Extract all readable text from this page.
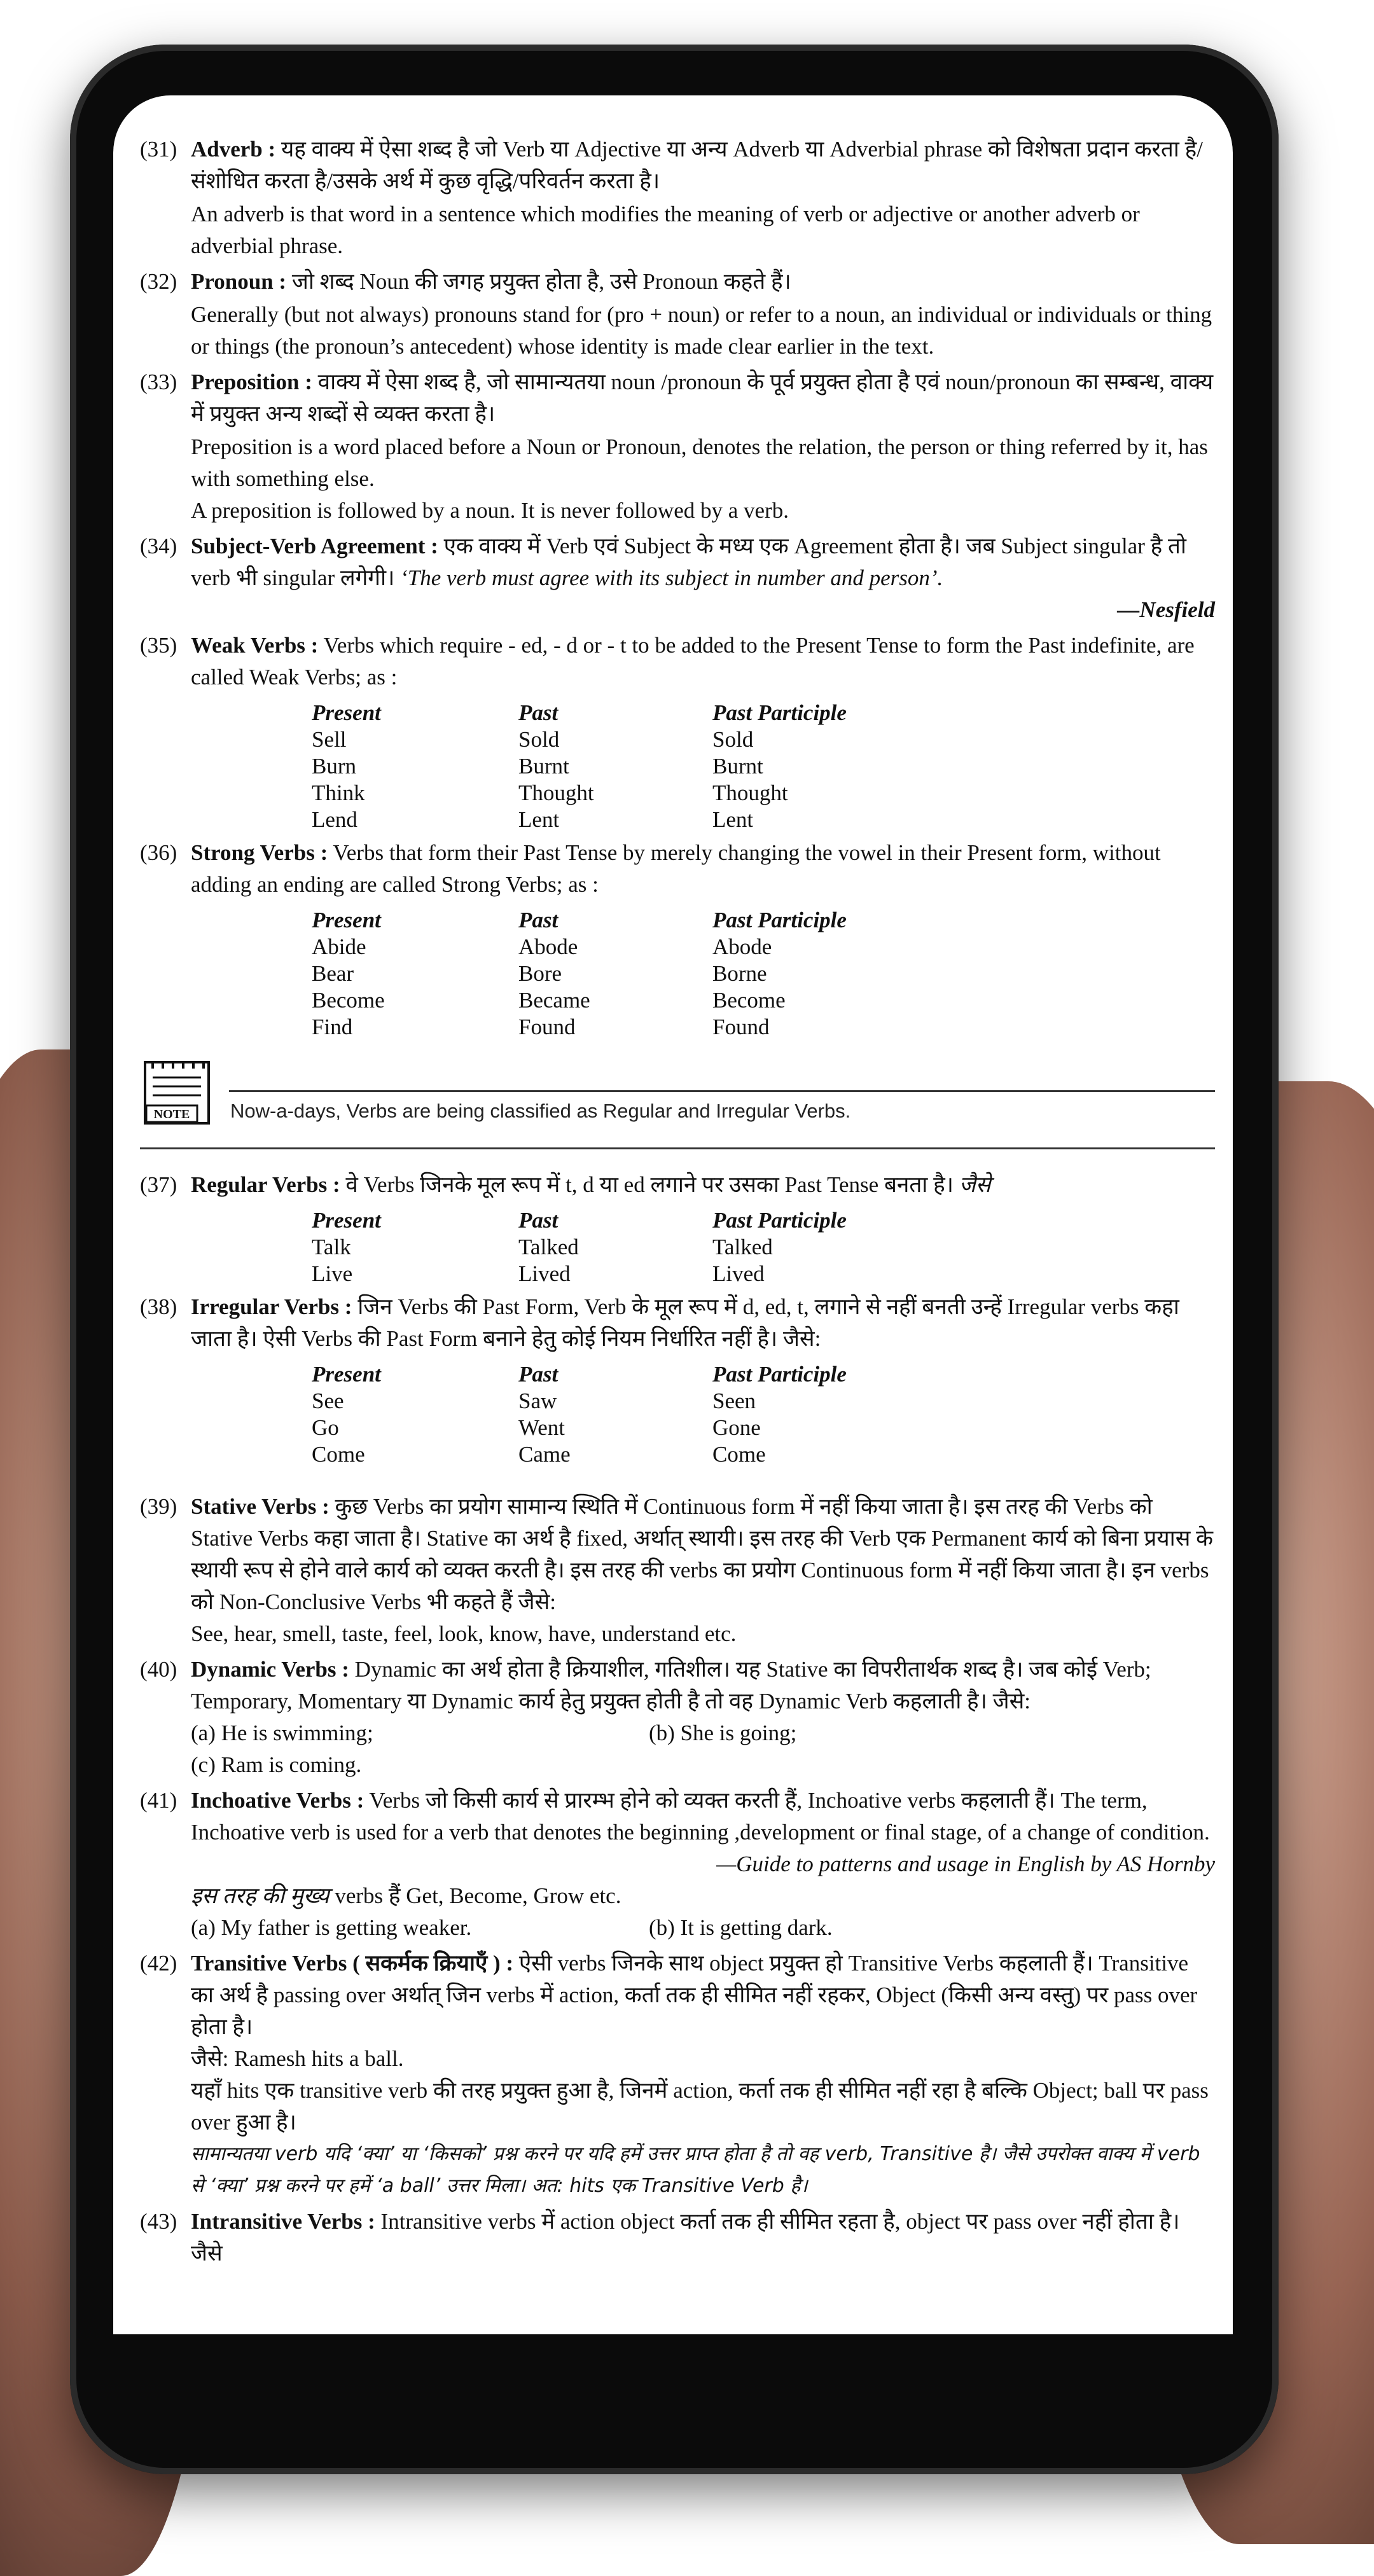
(31) Adverb : यह वाक्य में ऐसा शब्द है जो Verb या Adjective या अन्य Adverb या Adverbial phrase को विशेषता प्रदान करता है/संशोधित करता है/उसके अर्थ में कुछ वृद्धि/परिवर्तन करता है।

An adverb is that word in a sentence which modifies the meaning of verb or adjective or another adverb or adverbial phrase.

(32) Pronoun : जो शब्द Noun की जगह प्रयुक्त होता है, उसे Pronoun कहते हैं।

Generally (but not always) pronouns stand for (pro + noun) or refer to a noun, an individual or individuals or thing or things (the pronoun’s antecedent) whose identity is made clear earlier in the text.

(33) Preposition : वाक्य में ऐसा शब्द है, जो सामान्यतया noun /pronoun के पूर्व प्रयुक्त होता है एवं noun/pronoun का सम्बन्ध, वाक्य में प्रयुक्त अन्य शब्दों से व्यक्त करता है।

Preposition is a word placed before a Noun or Pronoun, denotes the relation, the person or thing referred by it, has with something else.

A preposition is followed by a noun. It is never followed by a verb.

(34) Subject-Verb Agreement : एक वाक्य में Verb एवं Subject के मध्य एक Agreement होता है। जब Subject singular है तो verb भी singular लगेगी। ‘The verb must agree with its subject in number and person’.

—Nesfield

(35) Weak Verbs : Verbs which require - ed, - d or - t to be added to the Present Tense to form the Past indefinite, are called Weak Verbs; as :

Present	Past	Past Participle
Sell	Sold	Sold
Burn	Burnt	Burnt
Think	Thought	Thought
Lend	Lent	Lent
(36) Strong Verbs : Verbs that form their Past Tense by merely changing the vowel in their Present form, without adding an ending are called Strong Verbs; as :

Present	Past	Past Participle
Abide	Abode	Abode
Bear	Bore	Borne
Become	Became	Become
Find	Found	Found
NOTE Now-a-days, Verbs are being classified as Regular and Irregular Verbs.
(37) Regular Verbs : वे Verbs जिनके मूल रूप में t, d या ed लगाने पर उसका Past Tense बनता है। जैसे

Present	Past	Past Participle
Talk	Talked	Talked
Live	Lived	Lived
(38) Irregular Verbs : जिन Verbs की Past Form, Verb के मूल रूप में d, ed, t, लगाने से नहीं बनती उन्हें Irregular verbs कहा जाता है। ऐसी Verbs की Past Form बनाने हेतु कोई नियम निर्धारित नहीं है। जैसे:

Present	Past	Past Participle
See	Saw	Seen
Go	Went	Gone
Come	Came	Come
(39) Stative Verbs : कुछ Verbs का प्रयोग सामान्य स्थिति में Continuous form में नहीं किया जाता है। इस तरह की Verbs को Stative Verbs कहा जाता है। Stative का अर्थ है fixed, अर्थात् स्थायी। इस तरह की Verb एक Permanent कार्य को बिना प्रयास के स्थायी रूप से होने वाले कार्य को व्यक्त करती है। इस तरह की verbs का प्रयोग Continuous form में नहीं किया जाता है। इन verbs को Non-Conclusive Verbs भी कहते हैं जैसे:

See, hear, smell, taste, feel, look, know, have, understand etc.

(40) Dynamic Verbs : Dynamic का अर्थ होता है क्रियाशील, गतिशील। यह Stative का विपरीतार्थक शब्द है। जब कोई Verb; Temporary, Momentary या Dynamic कार्य हेतु प्रयुक्त होती है तो वह Dynamic Verb कहलाती है। जैसे:

(a) He is swimming;	(b) She is going;

(c) Ram is coming.

(41) Inchoative Verbs : Verbs जो किसी कार्य से प्रारम्भ होने को व्यक्त करती हैं, Inchoative verbs कहलाती हैं। The term, Inchoative verb is used for a verb that denotes the beginning ,development or final stage, of a change of condition.

—Guide to patterns and usage in English by AS Hornby

इस तरह की मुख्य verbs हैं Get, Become, Grow etc.

(a) My father is getting weaker.	(b) It is getting dark.
(42) Transitive Verbs ( सकर्मक क्रियाएँ ) : ऐसी verbs जिनके साथ object प्रयुक्त हो Transitive Verbs कहलाती हैं। Transitive का अर्थ है passing over अर्थात् जिन verbs में action, कर्ता तक ही सीमित नहीं रहकर, Object (किसी अन्य वस्तु) पर pass over होता है।

जैसे: Ramesh hits a ball.

यहाँ hits एक transitive verb की तरह प्रयुक्त हुआ है, जिनमें action, कर्ता तक ही सीमित नहीं रहा है बल्कि Object; ball पर pass over हुआ है।

सामान्यतया verb यदि ‘क्या’ या ‘किसको’ प्रश्न करने पर यदि हमें उत्तर प्राप्त होता है तो वह verb, Transitive है। जैसे उपरोक्त वाक्य में verb से ‘क्या’ प्रश्न करने पर हमें ‘a ball’ उत्तर मिला। अत: hits एक Transitive Verb है।

(43) Intransitive Verbs : Intransitive verbs में action object कर्ता तक ही सीमित रहता है, object पर pass over नहीं होता है। जैसे
